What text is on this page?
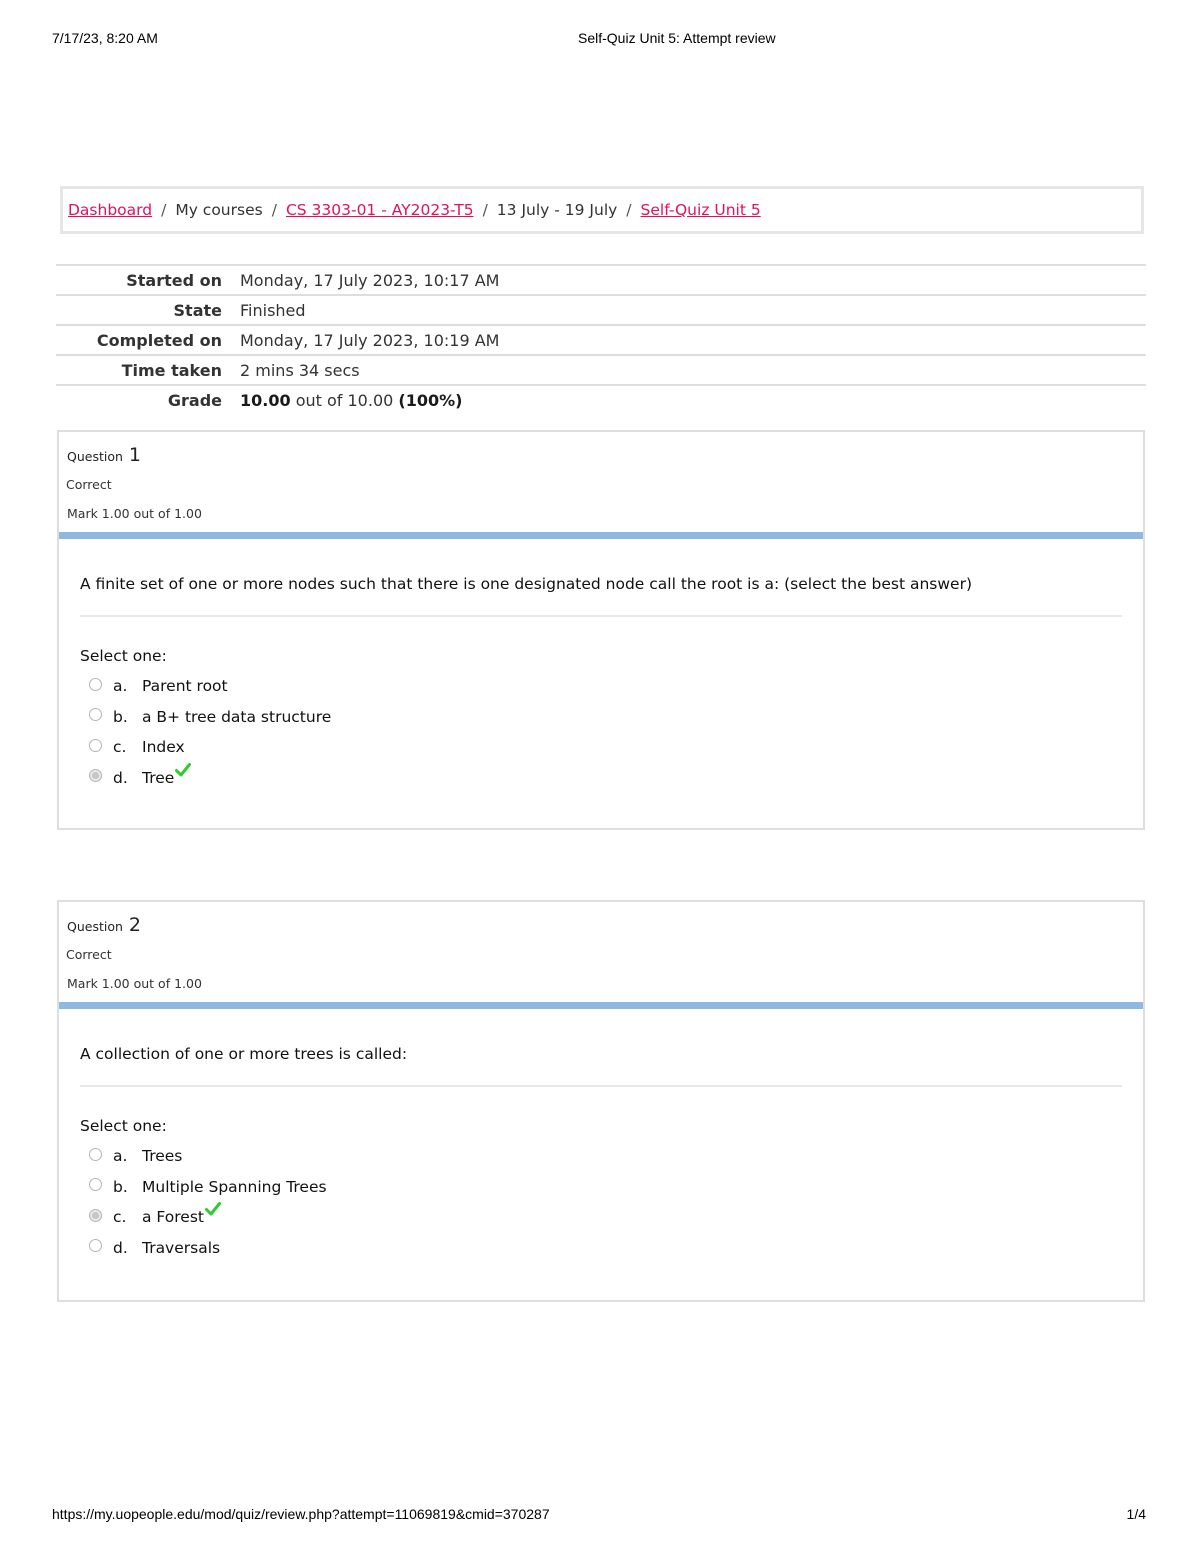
7/17/23, 8:20 AM	Self-Quiz Unit 5: Attempt review
Dashboard / My courses / CS 3303-01 - AY2023-T5 / 13 July - 19 July / Self-Quiz Unit 5
Started on	Monday, 17 July 2023, 10:17 AM
State	Finished
Completed on	Monday, 17 July 2023, 10:19 AM
Time taken	2 mins 34 secs
Grade	10.00 out of 10.00 (100%)
Question 1
Correct
Mark 1.00 out of 1.00
A finite set of one or more nodes such that there is one designated node call the root is a: (select the best answer)
Select one:
a. Parent root
b. a B+ tree data structure
c.	Index
d. Tree
Question 2
Correct
Mark 1.00 out of 1.00
A collection of one or more trees is called:
Select one:
a. Trees
b. Multiple Spanning Trees
c.	a Forest
d. Traversals
https://my.uopeople.edu/mod/quiz/review.php?attempt=11069819&cmid=370287	1/4
